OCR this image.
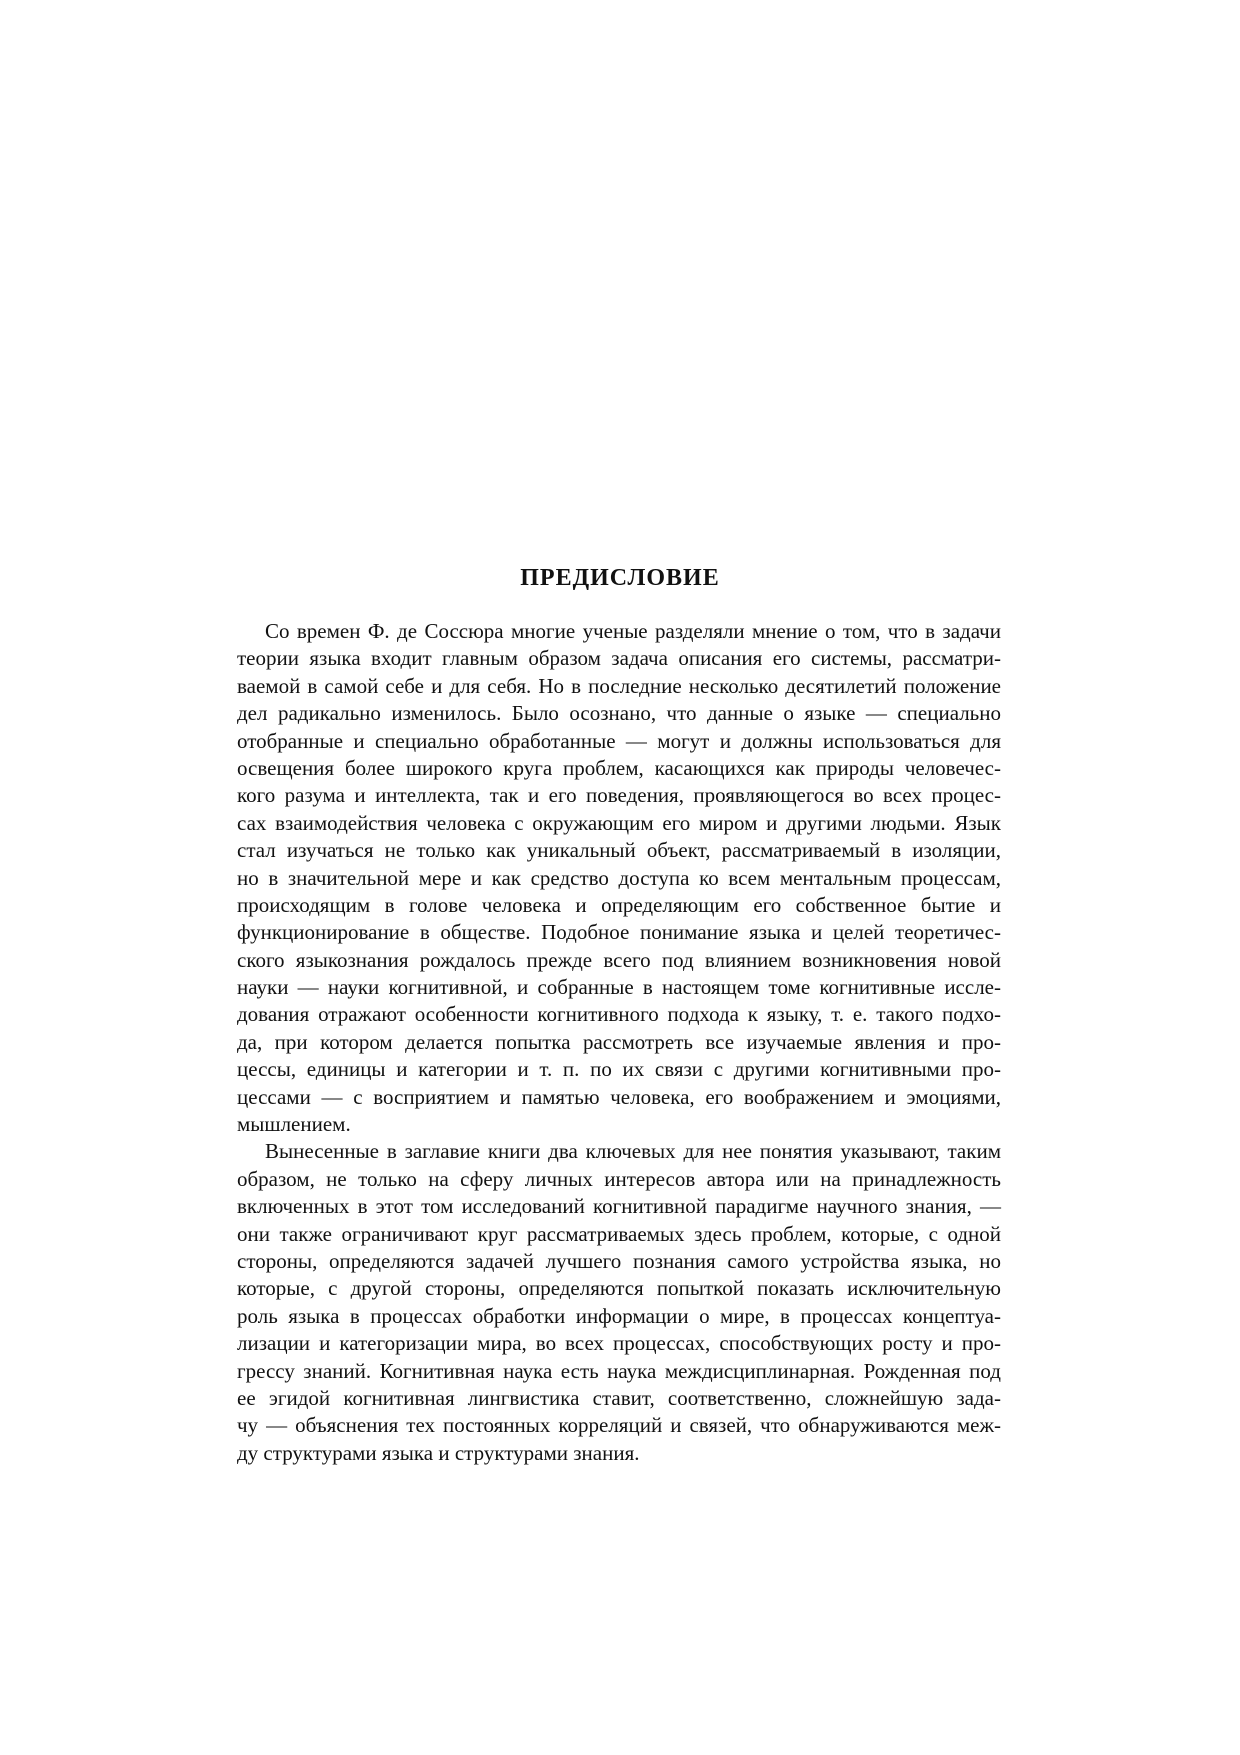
ПРЕДИСЛОВИЕ
Со времен Ф. де Соссюра многие ученые разделяли мнение о том, что в задачи
теории языка входит главным образом задача описания его системы, рассматри-
ваемой в самой себе и для себя. Но в последние несколько десятилетий положение
дел радикально изменилось. Было осознано, что данные о языке — специально
отобранные и специально обработанные — могут и должны использоваться для
освещения более широкого круга проблем, касающихся как природы человечес-
кого разума и интеллекта, так и его поведения, проявляющегося во всех процес-
сах взаимодействия человека с окружающим его миром и другими людьми. Язык
стал изучаться не только как уникальный объект, рассматриваемый в изоляции,
но в значительной мере и как средство доступа ко всем ментальным процессам,
происходящим в голове человека и определяющим его собственное бытие и
функционирование в обществе. Подобное понимание языка и целей теоретичес-
ского языкознания рождалось прежде всего под влиянием возникновения новой
науки — науки когнитивной, и собранные в настоящем томе когнитивные иссле-
дования отражают особенности когнитивного подхода к языку, т. е. такого подхо-
да, при котором делается попытка рассмотреть все изучаемые явления и про-
цессы, единицы и категории и т. п. по их связи с другими когнитивными про-
цессами — с восприятием и памятью человека, его воображением и эмоциями,
мышлением.
Вынесенные в заглавие книги два ключевых для нее понятия указывают, таким
образом, не только на сферу личных интересов автора или на принадлежность
включенных в этот том исследований когнитивной парадигме научного знания, —
они также ограничивают круг рассматриваемых здесь проблем, которые, с одной
стороны, определяются задачей лучшего познания самого устройства языка, но
которые, с другой стороны, определяются попыткой показать исключительную
роль языка в процессах обработки информации о мире, в процессах концептуа-
лизации и категоризации мира, во всех процессах, способствующих росту и про-
грессу знаний. Когнитивная наука есть наука междисциплинарная. Рожденная под
ее эгидой когнитивная лингвистика ставит, соответственно, сложнейшую зада-
чу — объяснения тех постоянных корреляций и связей, что обнаруживаются меж-
ду структурами языка и структурами знания.
